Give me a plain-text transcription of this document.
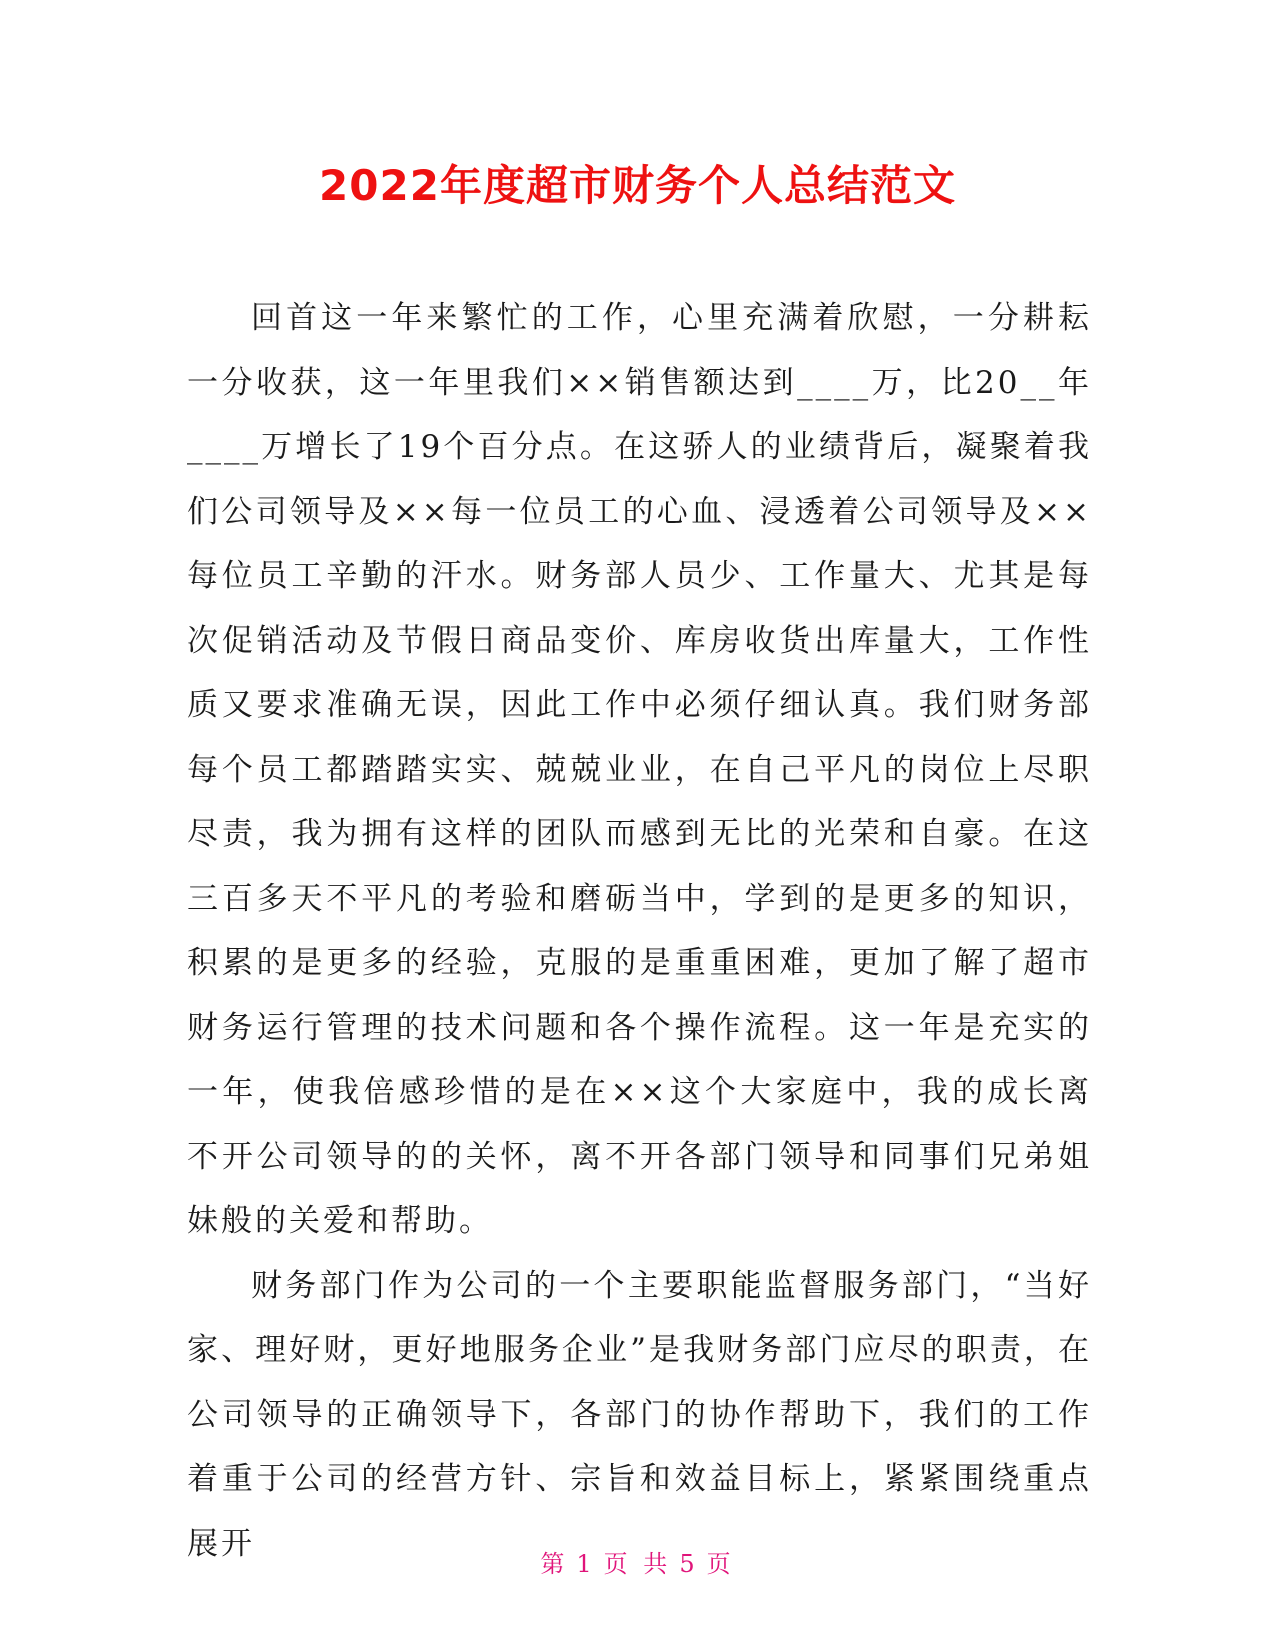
2022年度超市财务个人总结范文

回首这一年来繁忙的工作，心里充满着欣慰，一分耕耘一分收获，这一年里我们××销售额达到____万，比20__年____万增长了19个百分点。在这骄人的业绩背后，凝聚着我们公司领导及××每一位员工的心血、浸透着公司领导及××每位员工辛勤的汗水。财务部人员少、工作量大、尤其是每次促销活动及节假日商品变价、库房收货出库量大，工作性质又要求准确无误，因此工作中必须仔细认真。我们财务部每个员工都踏踏实实、兢兢业业，在自己平凡的岗位上尽职尽责，我为拥有这样的团队而感到无比的光荣和自豪。在这三百多天不平凡的考验和磨砺当中，学到的是更多的知识，积累的是更多的经验，克服的是重重困难，更加了解了超市财务运行管理的技术问题和各个操作流程。这一年是充实的一年，使我倍感珍惜的是在××这个大家庭中，我的成长离不开公司领导的的关怀，离不开各部门领导和同事们兄弟姐妹般的关爱和帮助。

财务部门作为公司的一个主要职能监督服务部门，“当好家、理好财，更好地服务企业”是我财务部门应尽的职责，在公司领导的正确领导下，各部门的协作帮助下，我们的工作着重于公司的经营方针、宗旨和效益目标上，紧紧围绕重点展开

第 1 页 共 5 页
